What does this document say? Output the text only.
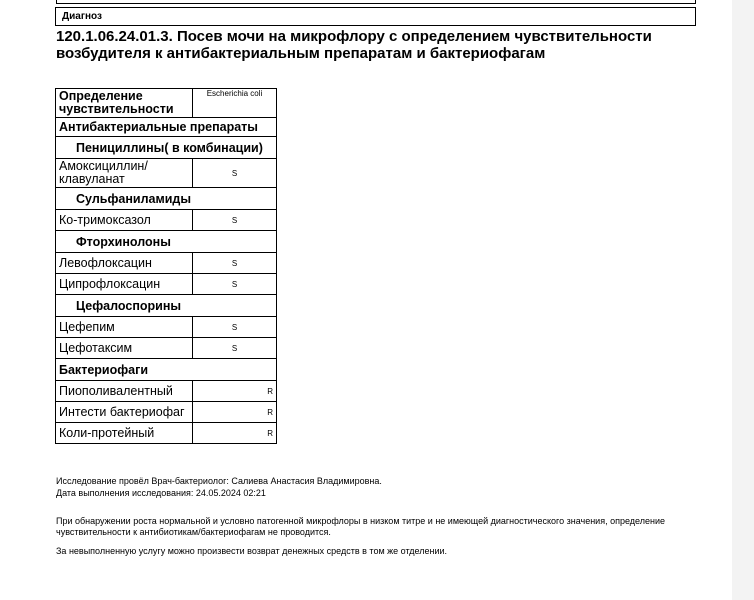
Диагноз
120.1.06.24.01.3. Посев мочи на микрофлору с определением чувствительности возбудителя к антибактериальным препаратам и бактериофагам
Определение чувствительности	Escherichia coli
Антибактериальные препараты	
Пенициллины( в комбинации)	
Амоксициллин/клавуланат	S
Сульфаниламиды	
Ко-тримоксазол	S
Фторхинолоны	
Левофлоксацин	S
Ципрофлоксацин	S
Цефалоспорины	
Цефепим	S
Цефотаксим	S
Бактериофаги	
Пиополивалентный	R
Интести бактериофаг	R
Коли-протейный	R
Исследование провёл Врач-бактериолог: Салиева Анастасия Владимировна.
Дата выполнения исследования: 24.05.2024 02:21
При обнаружении роста нормальной и условно патогенной микрофлоры в низком титре и не имеющей диагностического значения, определение чувствительности к антибиотикам/бактериофагам не проводится.
За невыполненную услугу можно произвести возврат денежных средств в том же отделении.
